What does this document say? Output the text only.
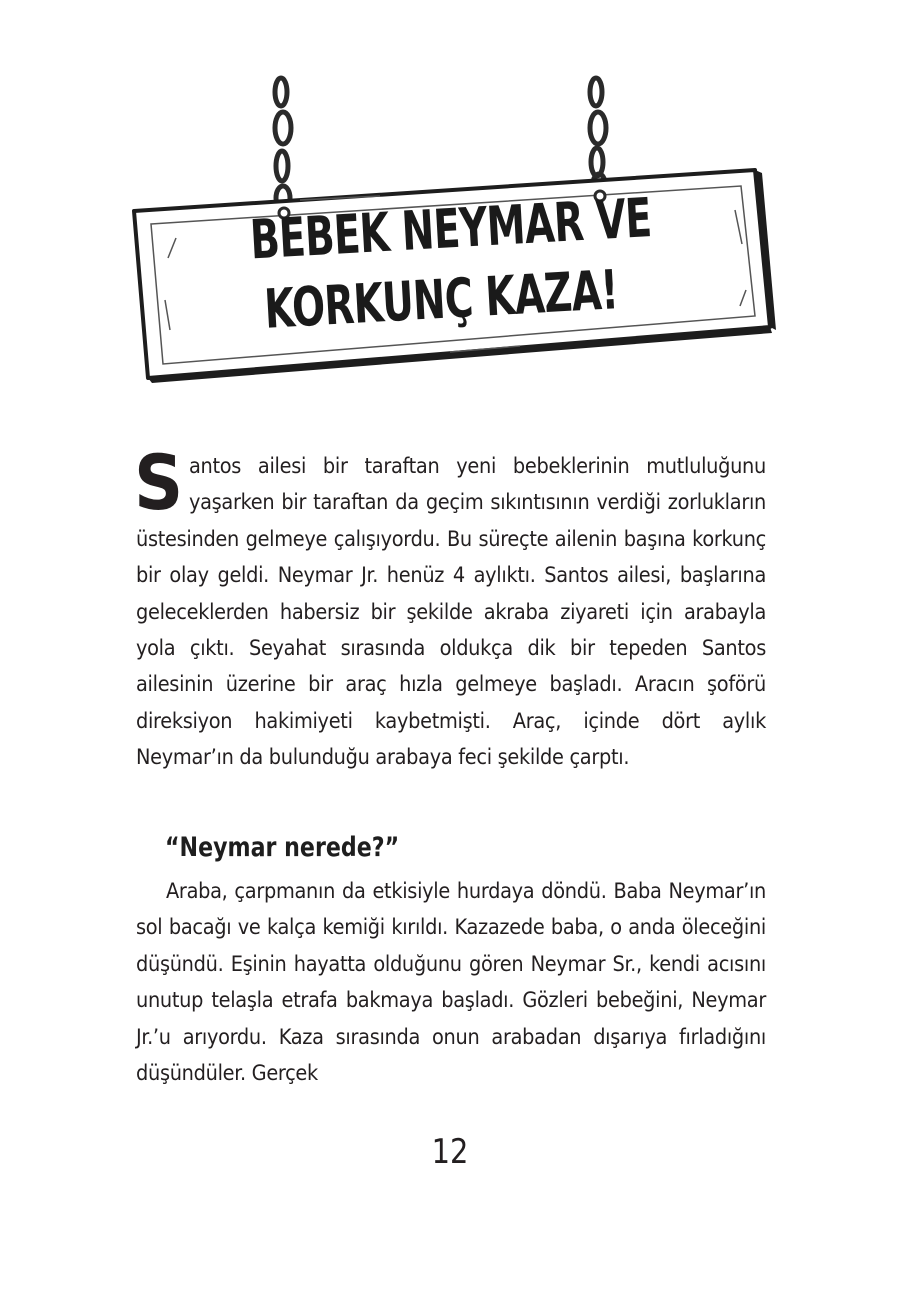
BEBEK NEYMAR VE
KORKUNÇ KAZA!

Santos ailesi bir taraftan yeni bebeklerinin mutluluğunu yaşarken bir taraftan da geçim sıkıntısının verdiği zorlukların üstesinden gelmeye çalışıyordu. Bu süreçte ailenin başına korkunç bir olay geldi. Neymar Jr. henüz 4 aylıktı. Santos ailesi, başlarına geleceklerden habersiz bir şekilde akraba ziyareti için arabayla yola çıktı. Seyahat sırasında oldukça dik bir tepeden Santos ailesinin üzerine bir araç hızla gelmeye başladı. Aracın şoförü direksiyon hakimiyeti kaybetmişti. Araç, içinde dört aylık Neymar’ın da bulunduğu arabaya feci şekilde çarptı.

“Neymar nerede?”

Araba, çarpmanın da etkisiyle hurdaya döndü. Baba Neymar’ın sol bacağı ve kalça kemiği kırıldı. Kazazede baba, o anda öleceğini düşündü. Eşinin hayatta olduğunu gören Neymar Sr., kendi acısını unutup telaşla etrafa bakmaya başladı. Gözleri bebeğini, Neymar Jr.’u arıyordu. Kaza sırasında onun arabadan dışarıya fırladığını düşündüler. Gerçek

12
